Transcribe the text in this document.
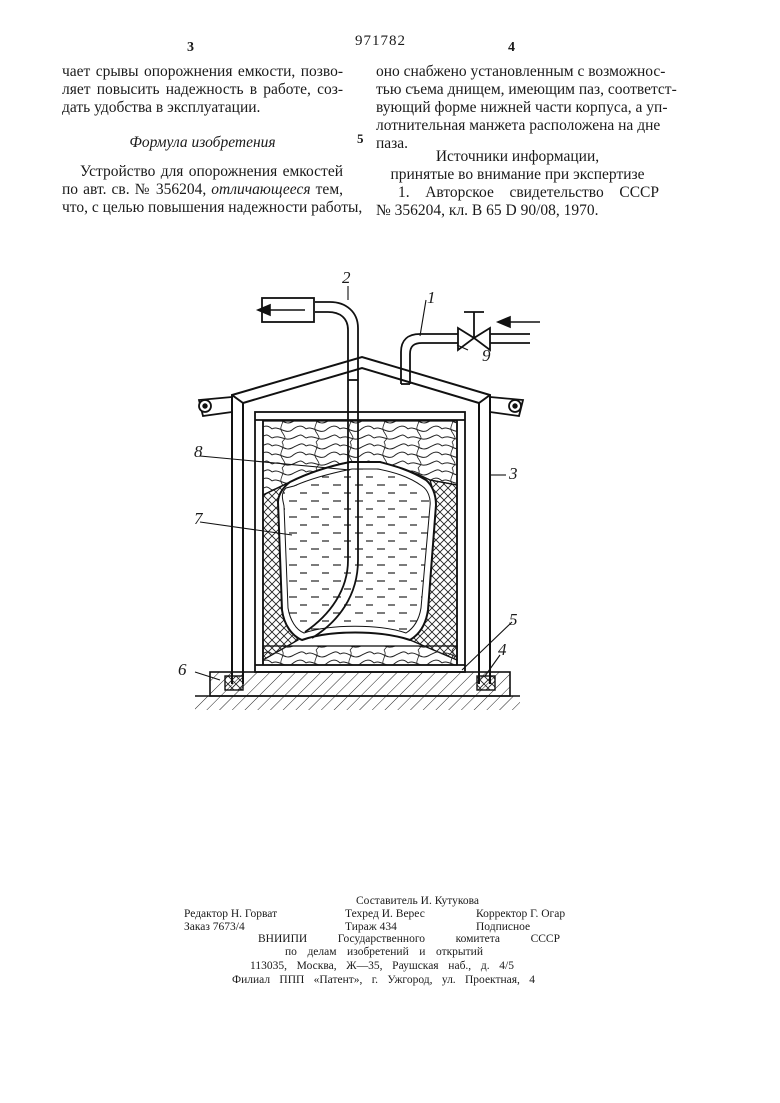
3	971782	4
чает срывы опорожнения емкости, позво-
ляет повысить надежность в работе, соз-
дать удобства в эксплуатации.
Формула изобретения
Устройство для опорожнения емкостей
по авт. св. № 356204, отличающееся тем,
что, с целью повышения надежности работы,
5
оно снабжено установленным с возможнос-
тью съема днищем, имеющим паз, соответст-
вующий форме нижней части корпуса, а уп-
лотнительная манжета расположена на дне
паза.
Источники информации,
принятые во внимание при экспертизе
1. Авторское свидетельство СССР
№ 356204, кл. В 65 D 90/08, 1970.
2
1
9
8
3
7
5
4
6
Составитель И. Кутукова
Редактор Н. Горват	Техред И. Верес	Корректор Г. Огар
Заказ 7673/4	Тираж 434	Подписное
ВНИИПИ Государственного комитета СССР
по делам изобретений и открытий
113035, Москва, Ж—35, Раушская наб., д. 4/5
Филиал ППП «Патент», г. Ужгород, ул. Проектная, 4
